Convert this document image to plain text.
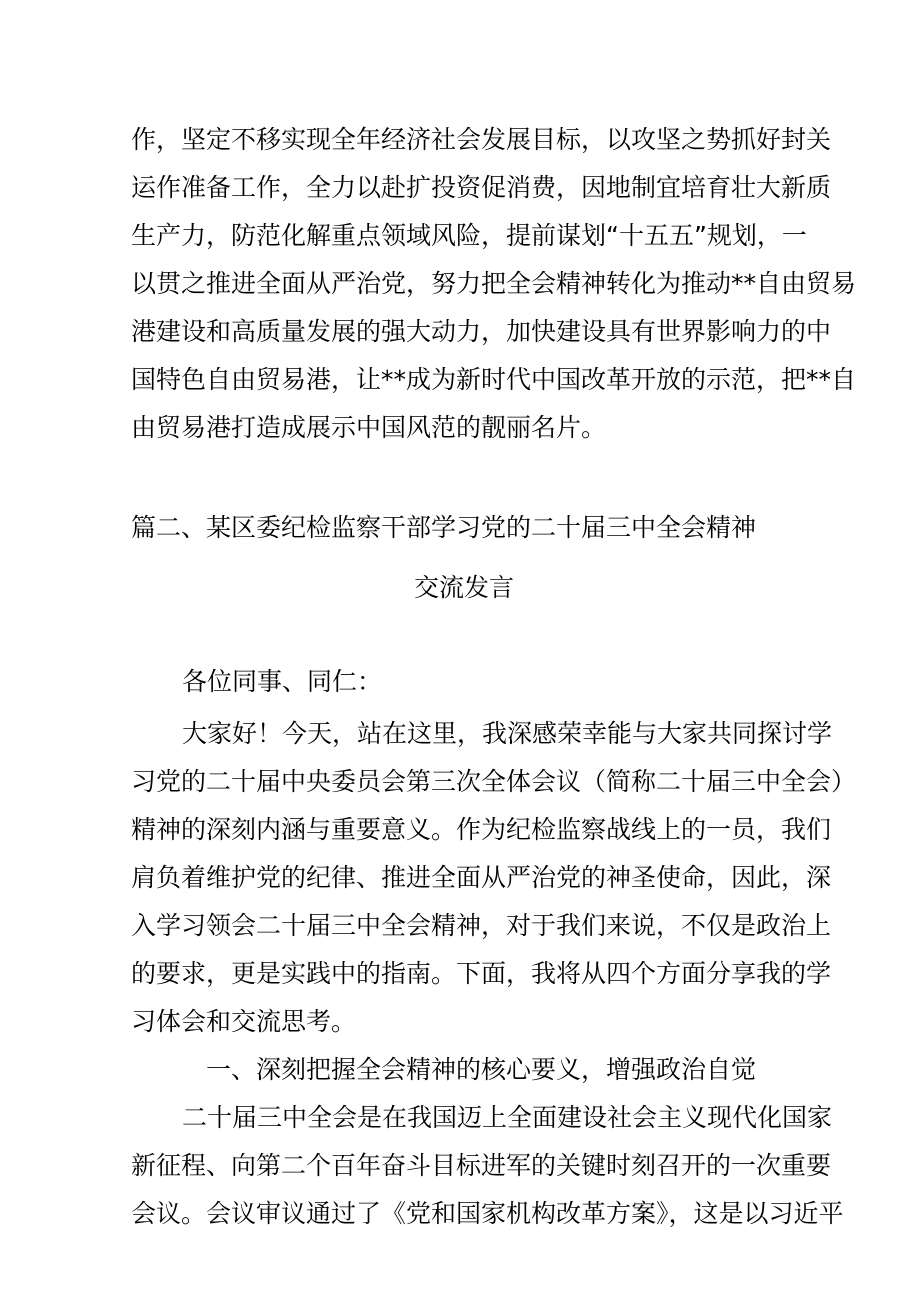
作，坚定不移实现全年经济社会发展目标，以攻坚之势抓好封关
运作准备工作，全力以赴扩投资促消费，因地制宜培育壮大新质
生产力，防范化解重点领域风险，提前谋划“十五五”规划，一
以贯之推进全面从严治党，努力把全会精神转化为推动**自由贸易
港建设和高质量发展的强大动力，加快建设具有世界影响力的中
国特色自由贸易港，让**成为新时代中国改革开放的示范，把**自
由贸易港打造成展示中国风范的靓丽名片。
篇二、某区委纪检监察干部学习党的二十届三中全会精神
交流发言
各位同事、同仁：
大家好！今天，站在这里，我深感荣幸能与大家共同探讨学
习党的二十届中央委员会第三次全体会议（简称二十届三中全会）
精神的深刻内涵与重要意义。作为纪检监察战线上的一员，我们
肩负着维护党的纪律、推进全面从严治党的神圣使命，因此，深
入学习领会二十届三中全会精神，对于我们来说，不仅是政治上
的要求，更是实践中的指南。下面，我将从四个方面分享我的学
习体会和交流思考。
一、深刻把握全会精神的核心要义，增强政治自觉
二十届三中全会是在我国迈上全面建设社会主义现代化国家
新征程、向第二个百年奋斗目标进军的关键时刻召开的一次重要
会议。会议审议通过了《党和国家机构改革方案》，这是以习近平
